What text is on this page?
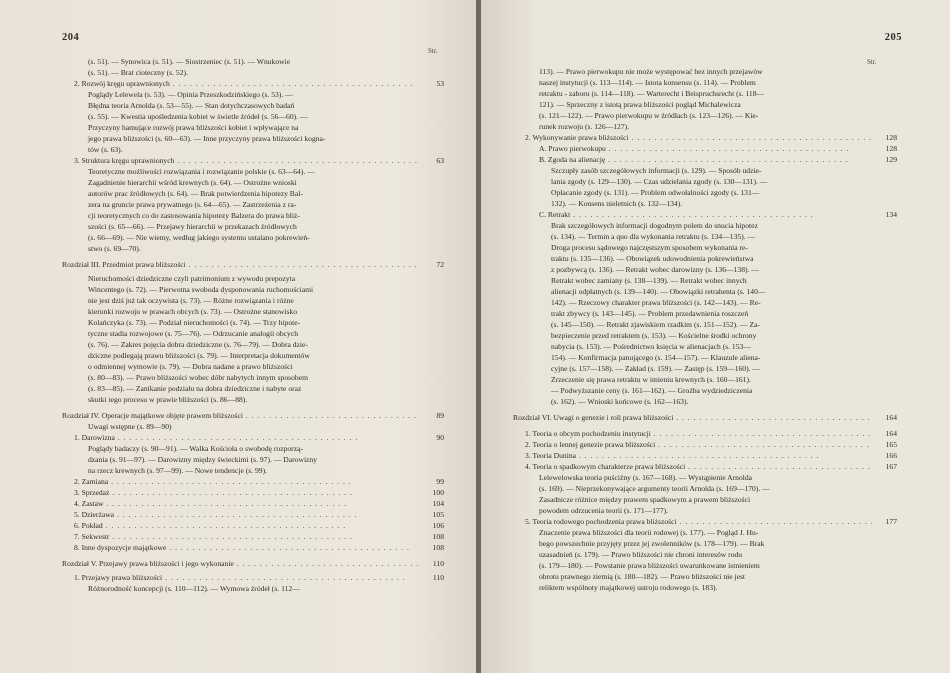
204
Str.
(s. 51). — Synowica (s. 51). — Siostrzeniec (s. 51). — Wnukowie
(s. 51). — Brat cioteczny (s. 52).
2. Rozwój kręgu uprawnionych . . .	53
Poglądy Lelewela (s. 53). — Opinia Przeszkodzińskiego (s. 53). —
Błędna teoria Arnolda (s. 53—55). — Stan dotychczasowych badań
(s. 55). — Kwestia upośledzenia kobiet w świetle źródeł (s. 56—60). —
Przyczyny hamujące rozwój prawa bliższości kobiet i wpływające na
jego prawa bliższości (s. 60—63). — Inne przyczyny prawa bliższości kogna-
tów (s. 63).
3. Struktura kręgu uprawnionych . . .	63
Teoretyczne możliwości rozwiązania i rozwiązanie polskie (s. 63—64). —
Zagadnienie hierarchii wśród krewnych (s. 64). — Ostrożne wnioski
autorów prac źródłowych (s. 64). — Brak potwierdzenia hipotezy Bal-
zera na gruncie prawa prywatnego (s. 64—65). — Zastrzeżenia z ra-
cji teoretycznych co do zastosowania hipotezy Balzera do prawa bliż-
szości (s. 65—66). — Przejawy hierarchii w przekazach źródłowych
(s. 66—69). — Nie wiemy, według jakiego systemu ustalano pokrewień-
stwo (s. 69—70).
Rozdział III. Przedmiot prawa bliższości . . .	72
Nieruchomości dziedziczne czyli patrimonium z wywodu prepozyta
Wincentego (s. 72). — Pierwotna swoboda dysponowania ruchomościami
nie jest dziś już tak oczywista (s. 73). — Różne rozwiązania i różne
kierunki rozwoju w prawach obcych (s. 73). — Ostrożne stanowisko
Kolańczyka (s. 73). — Podział nieruchomości (s. 74). — Trzy hipote-
tyczne stadia rozwojowe (s. 75—76). — Odrzucanie analogii obcych
(s. 76). — Zakres pojęcia dobra dziedziczne (s. 76—79). — Dobra dzie-
dziczne podlegają prawu bliższości (s. 79). — Interpretacja dokumentów
o odmiennej wymowie (s. 79). — Dobra nadane a prawo bliższości
(s. 80—83). — Prawo bliższości wobec dóbr nabytych innym sposobem
(s. 83—85). — Zanikanie podziału na dobra dziedziczne i nabyte oraz
skutki tego procesu w prawie bliższości (s. 86—88).
Rozdział IV. Operacje majątkowe objęte prawem bliższości . . .	89
Uwagi wstępne (s. 89—90)
1. Darowizna . . .	90
Poglądy badaczy (s. 90—91). — Walka Kościoła o swobodę rozporzą-
dzania (s. 91—97). — Darowizny między świeckimi (s. 97). — Darowizny
na rzecz krewnych (s. 97—99). — Nowe tendencje (s. 99).
2. Zamiana . . .	99
3. Sprzedaż . . .	100
4. Zastaw . . .	104
5. Dzierżawa . . .	105
6. Pokład . . .	106
7. Sekwestr . . .	108
8. Inne dyspozycje majątkowe . . .	108
Rozdział V. Przejawy prawa bliższości i jego wykonanie . . .	110
1. Przejawy prawa bliższości . . .	110
Różnorodność koncepcji (s. 110—112). — Wymowa źródeł (s. 112—
205
Str.
113). — Prawo pierwokupu nie może występować bez innych przejawów
naszej instytucji (s. 113—114). — Istota konsensu (s. 114). — Problem
retraktu - zaboru (s. 114—118). — Warterecht i Beispruchsrecht (s. 118—
121). — Sprzeczny z istotą prawa bliższości pogląd Michalewicza
(s. 121—122). — Prawo pierwokupu w źródłach (s. 123—126). — Kie-
runek rozwoju (s. 126—127).
2. Wykonywanie prawa bliższości . . .	128
A. Prawo pierwokupu . . .	128
B. Zgoda na alienację . . .	129
Szczupły zasób szczegółowych informacji (s. 129). — Sposób udzie-
lania zgody (s. 129—130). — Czas udzielania zgody (s. 130—131). —
Opłacanie zgody (s. 131). — Problem odwołalności zgody (s. 131—
132). — Konsens nieletnich (s. 132—134).
C. Retrakt . . .	134
Brak szczegółowych informacji dogodnym polem do snucia hipotez
(s. 134). — Termin a quo dla wykonania retraktu (s. 134—135). —
Droga procesu sądowego najczęstszym sposobem wykonania re-
traktu (s. 135—136). — Obowiązek udowodnienia pokrewieństwa
z pozbywcą (s. 136). — Retrakt wobec darowizny (s. 136—138). —
Retrakt wobec zamiany (s. 138—139). — Retrakt wobec innych
alienacji odpłatnych (s. 139—140). — Obowiązki retrahenta (s. 140—
142). — Rzeczowy charakter prawa bliższości (s. 142—143). — Re-
trakt zbywcy (s. 143—145). — Problem przedawnienia roszczeń
(s. 145—150). — Retrakt zjawiskiem rzadkim (s. 151—152). — Za-
bezpieczenie przed retraktem (s. 153). — Kościelne środki ochrony
nabycia (s. 153). — Pośrednictwo księcia w alienacjach (s. 153—
154). — Konfirmacja panującego (s. 154—157). — Klauzule aliena-
cyjne (s. 157—158). — Zakład (s. 159). — Zastęp (s. 159—160). —
Zrzeczenie się prawa retraktu w imieniu krewnych (s. 160—161).
— Podwyższanie ceny (s. 161—162). — Groźba wydziedziczenia
(s. 162). — Wnioski końcowe (s. 162—163).
Rozdział VI. Uwagi o genezie i roli prawa bliższości . . .	164
1. Teoria o obcym pochodzeniu instytucji . . .	164
2. Teoria o lennej genezie prawa bliższości . . .	165
3. Teoria Dunina . . .	166
4. Teoria o spadkowym charakterze prawa bliższości . . .	167
Lelewelowska teoria puściźny (s. 167—168). — Wystąpienie Arnolda
(s. 169). — Nieprzekonywające argumenty teorii Arnolda (s. 169—170). —
Zasadnicze różnice między prawem spadkowym a prawem bliższości
powodem odrzucenia teorii (s. 171—177).
5. Teoria rodowego pochodzenia prawa bliższości . . .	177
Znaczenie prawa bliższości dla teorii rodowej (s. 177). — Pogląd J. Hu-
bego powszechnie przyjęty przez jej zwolenników (s. 178—179). — Brak
uzasadnień (s. 179). — Prawo bliższości nie chroni interesów rodu
(s. 179—180). — Powstanie prawa bliższości uwarunkowane istnieniem
obrotu prawnego ziemią (s. 180—182). — Prawo bliższości nie jest
reliktem wspólnoty majątkowej ustroju rodowego (s. 183).
